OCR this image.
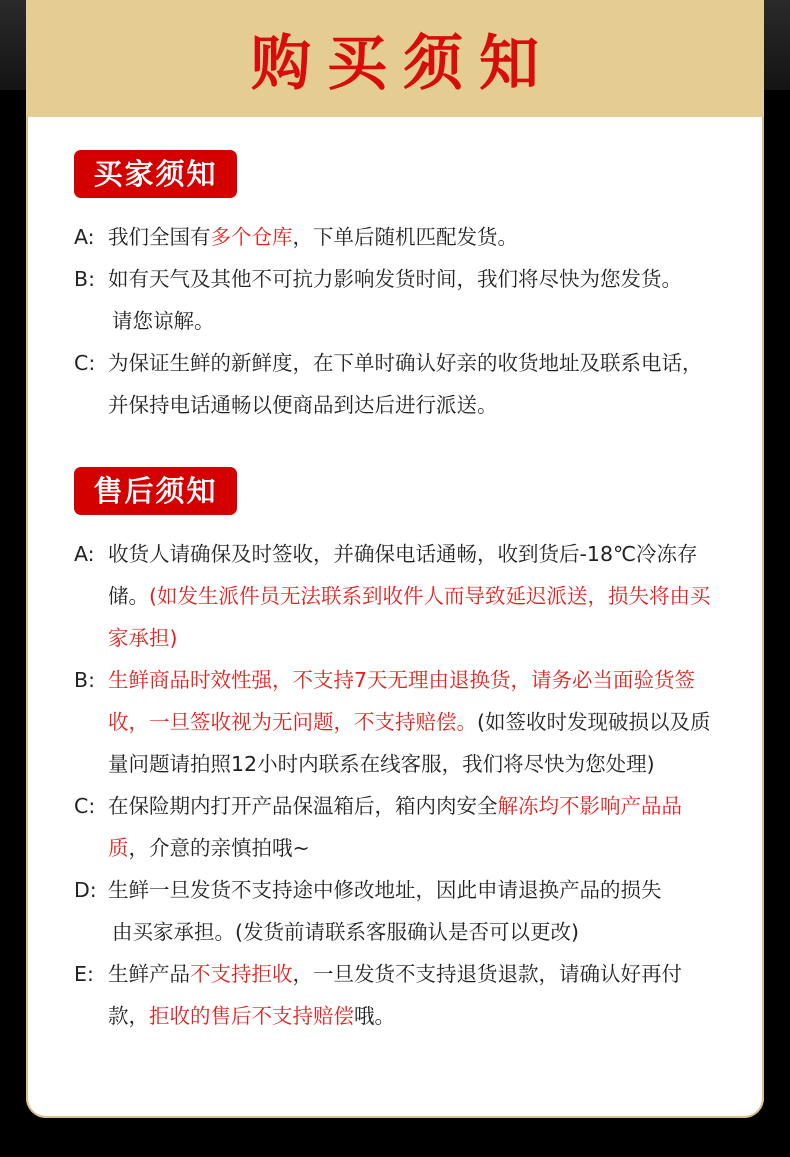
购买须知
买家须知
A: 我们全国有多个仓库，下单后随机匹配发货。
B: 如有天气及其他不可抗力影响发货时间，我们将尽快为您发货。
请您谅解。
C: 为保证生鲜的新鲜度，在下单时确认好亲的收货地址及联系电话，并保持电话通畅以便商品到达后进行派送。
售后须知
A: 收货人请确保及时签收，并确保电话通畅，收到货后-18℃冷冻存储。(如发生派件员无法联系到收件人而导致延迟派送，损失将由买家承担)
B: 生鲜商品时效性强，不支持7天无理由退换货，请务必当面验货签收，一旦签收视为无问题，不支持赔偿。(如签收时发现破损以及质量问题请拍照12小时内联系在线客服，我们将尽快为您处理)
C: 在保险期内打开产品保温箱后，箱内肉安全解冻均不影响产品品质，介意的亲慎拍哦~
D: 生鲜一旦发货不支持途中修改地址，因此申请退换产品的损失
由买家承担。(发货前请联系客服确认是否可以更改)
E: 生鲜产品不支持拒收，一旦发货不支持退货退款，请确认好再付款，拒收的售后不支持赔偿哦。
